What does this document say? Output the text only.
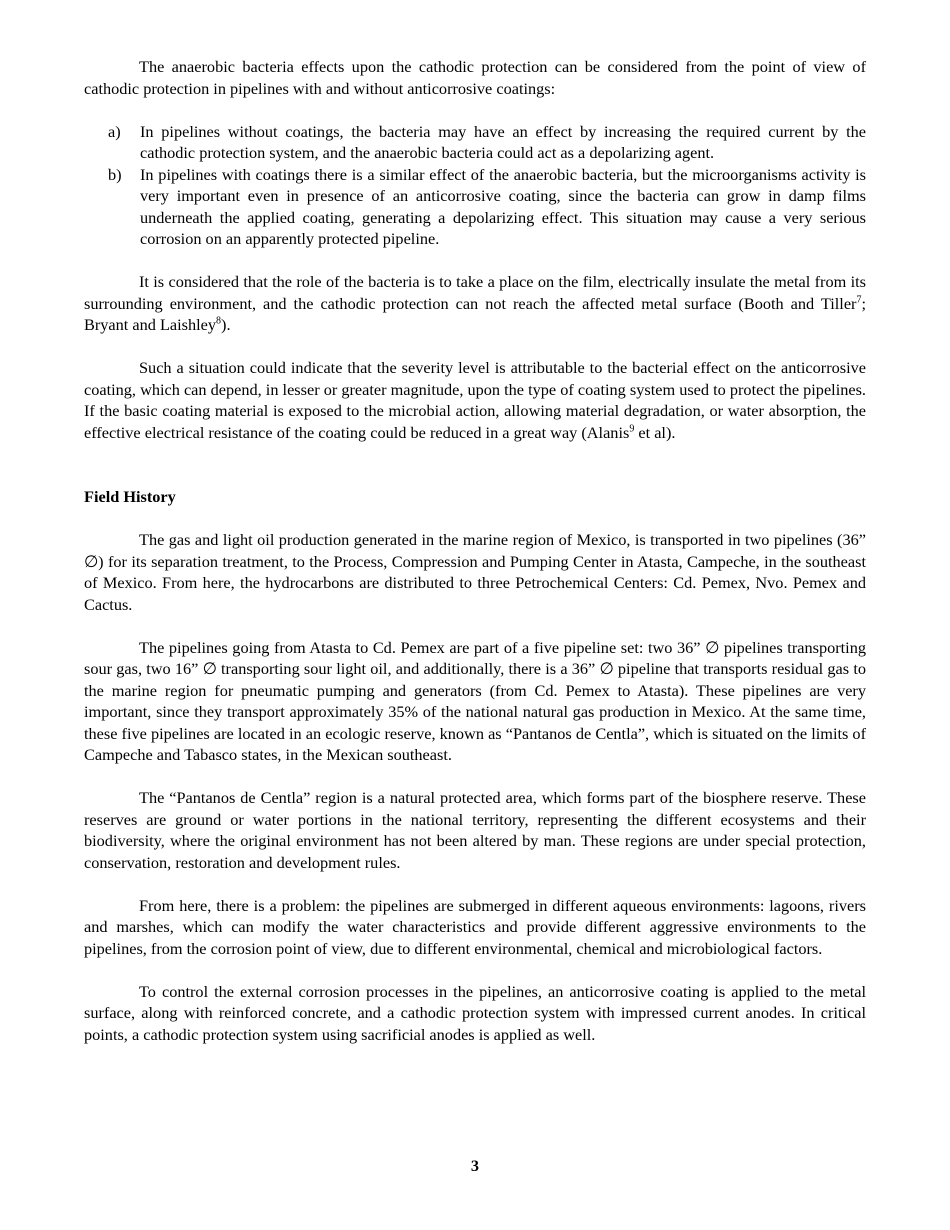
The anaerobic bacteria effects upon the cathodic protection can be considered from the point of view of cathodic protection in pipelines with and without anticorrosive coatings:

a)	In pipelines without coatings, the bacteria may have an effect by increasing the required current by the cathodic protection system, and the anaerobic bacteria could act as a depolarizing agent.
b)	In pipelines with coatings there is a similar effect of the anaerobic bacteria, but the microorganisms activity is very important even in presence of an anticorrosive coating, since the bacteria can grow in damp films underneath the applied coating, generating a depolarizing effect. This situation may cause a very serious corrosion on an apparently protected pipeline.

It is considered that the role of the bacteria is to take a place on the film, electrically insulate the metal from its surrounding environment, and the cathodic protection can not reach the affected metal surface (Booth and Tiller$^7$; Bryant and Laishley$^8$).

Such a situation could indicate that the severity level is attributable to the bacterial effect on the anticorrosive coating, which can depend, in lesser or greater magnitude, upon the type of coating system used to protect the pipelines. If the basic coating material is exposed to the microbial action, allowing material degradation, or water absorption, the effective electrical resistance of the coating could be reduced in a great way (Alanis$^9$ et al).

Field History

The gas and light oil production generated in the marine region of Mexico, is transported in two pipelines (36” ∅) for its separation treatment, to the Process, Compression and Pumping Center in Atasta, Campeche, in the southeast of Mexico. From here, the hydrocarbons are distributed to three Petrochemical Centers: Cd. Pemex, Nvo. Pemex and Cactus.

The pipelines going from Atasta to Cd. Pemex are part of a five pipeline set: two 36” ∅ pipelines transporting sour gas, two 16” ∅ transporting sour light oil, and additionally, there is a 36” ∅ pipeline that transports residual gas to the marine region for pneumatic pumping and generators (from Cd. Pemex to Atasta). These pipelines are very important, since they transport approximately 35% of the national natural gas production in Mexico. At the same time, these five pipelines are located in an ecologic reserve, known as “Pantanos de Centla”, which is situated on the limits of Campeche and Tabasco states, in the Mexican southeast.

The “Pantanos de Centla” region is a natural protected area, which forms part of the biosphere reserve. These reserves are ground or water portions in the national territory, representing the different ecosystems and their biodiversity, where the original environment has not been altered by man. These regions are under special protection, conservation, restoration and development rules.

From here, there is a problem: the pipelines are submerged in different aqueous environments: lagoons, rivers and marshes, which can modify the water characteristics and provide different aggressive environments to the pipelines, from the corrosion point of view, due to different environmental, chemical and microbiological factors.

To control the external corrosion processes in the pipelines, an anticorrosive coating is applied to the metal surface, along with reinforced concrete, and a cathodic protection system with impressed current anodes. In critical points, a cathodic protection system using sacrificial anodes is applied as well.

3
